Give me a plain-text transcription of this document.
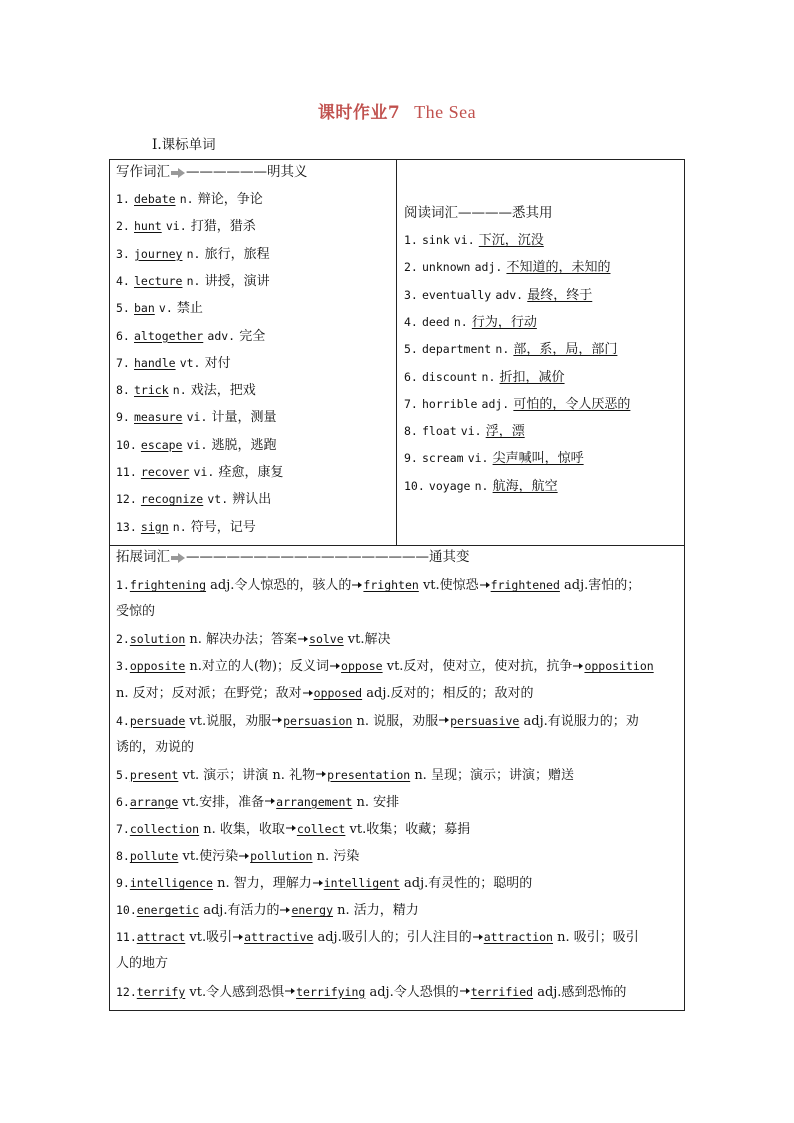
课时作业7 The Sea
Ⅰ.课标单词
写作词汇 ——————明其义
1. debate n. 辩论，争论
2. hunt vi. 打猎，猎杀
3. journey n. 旅行，旅程
4. lecture n. 讲授，演讲
5. ban v. 禁止
6. altogether adv. 完全
7. handle vt. 对付
8. trick n. 戏法，把戏
9. measure vi. 计量，测量
10. escape vi. 逃脱，逃跑
11. recover vi. 痊愈，康复
12. recognize vt. 辨认出
13. sign n. 符号，记号
阅读词汇————悉其用
1. sink vi. 下沉，沉没
2. unknown adj. 不知道的，未知的
3. eventually adv. 最终，终于
4. deed n. 行为，行动
5. department n. 部，系，局，部门
6. discount n. 折扣，减价
7. horrible adj. 可怕的，令人厌恶的
8. float vi. 浮，漂
9. scream vi. 尖声喊叫，惊呼
10. voyage n. 航海，航空
拓展词汇 ——————————————————通其变
1.frightening adj.令人惊恐的，骇人的 frighten vt.使惊恐 frightened adj.害怕的；
受惊的
2.solution n. 解决办法；答案 solve vt.解决
3.opposite n.对立的人(物)；反义词 oppose vt.反对，使对立，使对抗，抗争 opposition
n. 反对；反对派；在野党；敌对 opposed adj.反对的；相反的；敌对的
4.persuade vt.说服，劝服 persuasion n. 说服，劝服 persuasive adj.有说服力的；劝
诱的，劝说的
5.present vt. 演示；讲演 n. 礼物 presentation n. 呈现；演示；讲演；赠送
6.arrange vt.安排，准备 arrangement n. 安排
7.collection n. 收集，收取 collect vt.收集；收藏；募捐
8.pollute vt.使污染 pollution n. 污染
9.intelligence n. 智力，理解力 intelligent adj.有灵性的；聪明的
10.energetic adj.有活力的 energy n. 活力，精力
11.attract vt.吸引 attractive adj.吸引人的；引人注目的 attraction n. 吸引；吸引
人的地方
12.terrify vt.令人感到恐惧 terrifying adj.令人恐惧的 terrified adj.感到恐怖的
